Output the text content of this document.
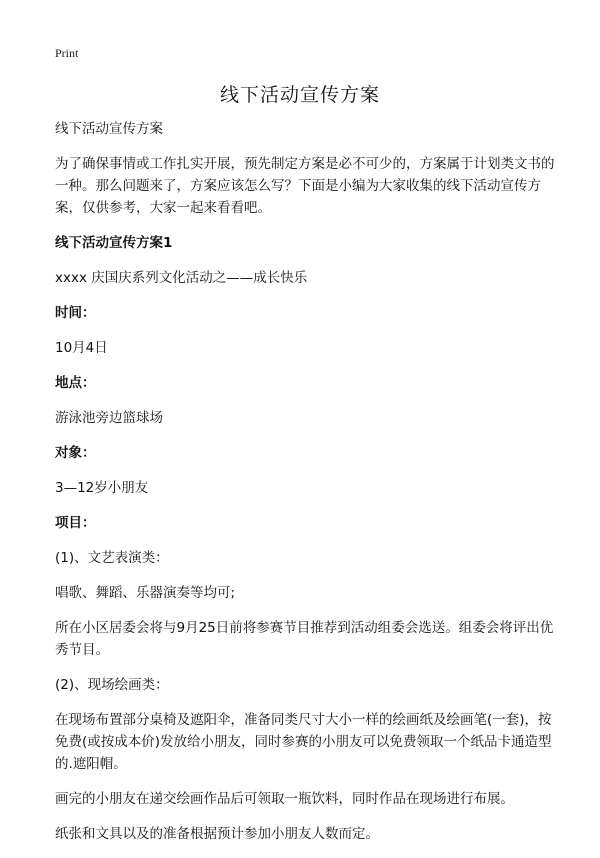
Print
线下活动宣传方案

线下活动宣传方案

为了确保事情或工作扎实开展，预先制定方案是必不可少的，方案属于计划类文书的一种。那么问题来了，方案应该怎么写？下面是小编为大家收集的线下活动宣传方案，仅供参考，大家一起来看看吧。

线下活动宣传方案1

xxxx 庆国庆系列文化活动之——成长快乐

时间：

10月4日

地点：

游泳池旁边篮球场

对象：

3—12岁小朋友

项目：

(1)、文艺表演类：

唱歌、舞蹈、乐器演奏等均可;

所在小区居委会将与9月25日前将参赛节目推荐到活动组委会选送。组委会将评出优秀节目。

(2)、现场绘画类：

在现场布置部分桌椅及遮阳伞，准备同类尺寸大小一样的绘画纸及绘画笔(一套)，按免费(或按成本价)发放给小朋友，同时参赛的小朋友可以免费领取一个纸品卡通造型的.遮阳帽。

画完的小朋友在递交绘画作品后可领取一瓶饮料，同时作品在现场进行布展。

纸张和文具以及的准备根据预计参加小朋友人数而定。
